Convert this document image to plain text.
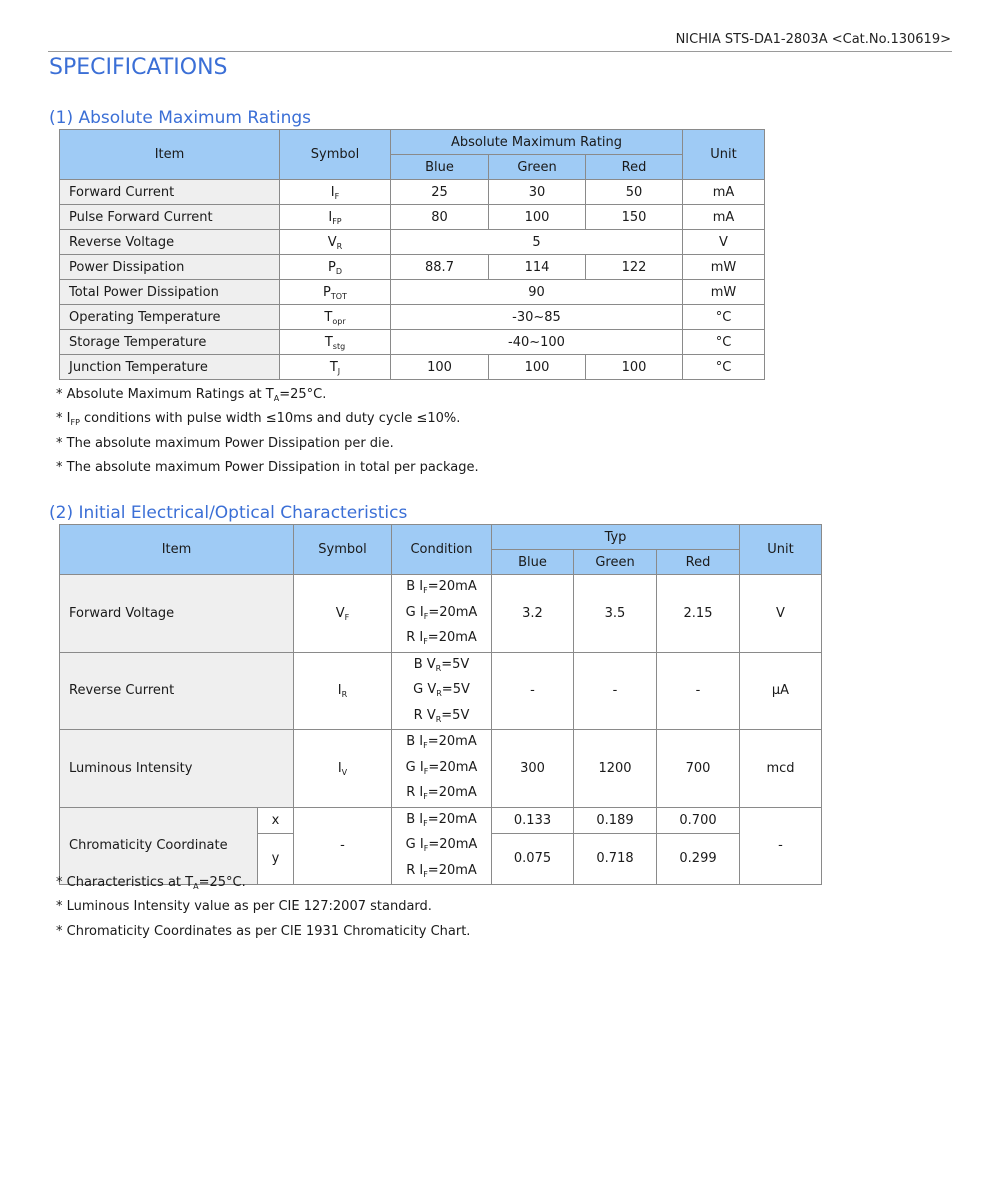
NICHIA STS-DA1-2803A <Cat.No.130619>
SPECIFICATIONS
(1) Absolute Maximum Ratings
Item	Symbol	Absolute Maximum Rating			Unit
		Blue	Green	Red	
Forward Current	$I_F$	25	30	50	mA
Pulse Forward Current	$I_{FP}$	80	100	150	mA
Reverse Voltage	$V_R$	5			V
Power Dissipation	$P_D$	88.7	114	122	mW
Total Power Dissipation	$P_{TOT}$	90			mW
Operating Temperature	$T_{opr}$	-30~85			°C
Storage Temperature	$T_{stg}$	-40~100			°C
Junction Temperature	$T_J$	100	100	100	°C
* Absolute Maximum Ratings at $T_A=25^\circ C$.
* $I_{FP}$ conditions with pulse width ≤10ms and duty cycle ≤10%.
* The absolute maximum Power Dissipation per die.
* The absolute maximum Power Dissipation in total per package.
(2) Initial Electrical/Optical Characteristics
Item		Symbol	Condition	Typ			Unit
				Blue	Green	Red	
Forward Voltage		$V_F$	B $I_F=20mA$
G $I_F=20mA$
R $I_F=20mA$	3.2	3.5	2.15	V
Reverse Current		$I_R$	B $V_R=5V$
G $V_R=5V$
R $V_R=5V$	-	-	-	μA
Luminous Intensity		$I_V$	B $I_F=20mA$
G $I_F=20mA$
R $I_F=20mA$	300	1200	700	mcd
Chromaticity Coordinate	x	-	B $I_F=20mA$
G $I_F=20mA$
R $I_F=20mA$	0.133	0.189	0.700	-
	y			0.075	0.718	0.299	
* Characteristics at $T_A=25^\circ C$.
* Luminous Intensity value as per CIE 127:2007 standard.
* Chromaticity Coordinates as per CIE 1931 Chromaticity Chart.
